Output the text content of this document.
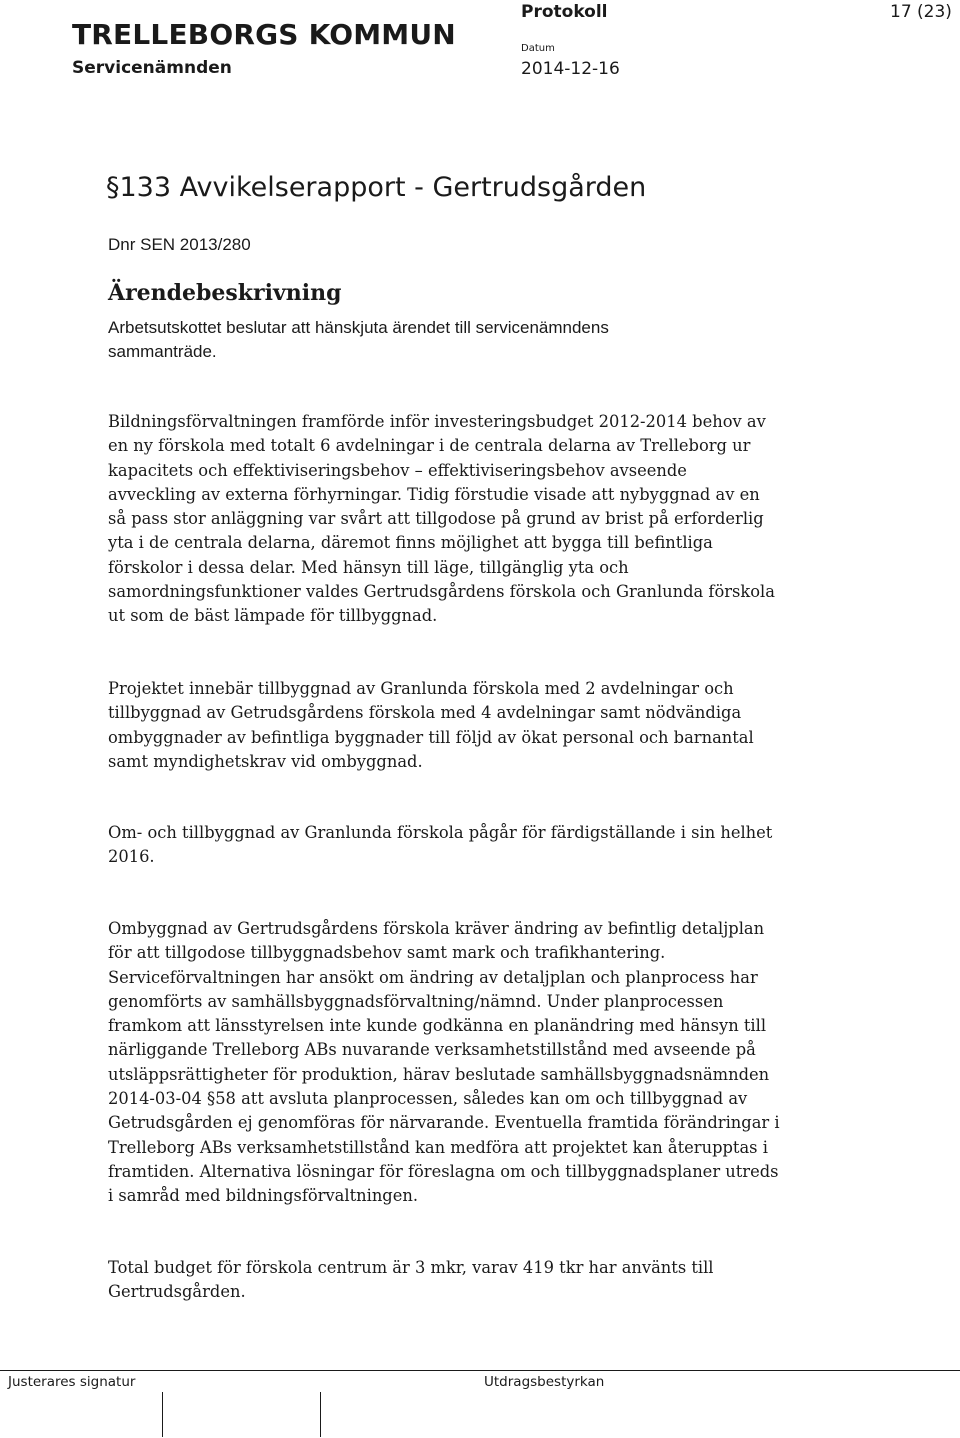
TRELLEBORGS KOMMUN
Servicenämnden
Protokoll
Datum
2014-12-16
17 (23)
§133 Avvikelserapport - Gertrudsgården
Dnr SEN 2013/280
Ärendebeskrivning
Arbetsutskottet beslutar att hänskjuta ärendet till servicenämndens
sammanträde.
Bildningsförvaltningen framförde inför investeringsbudget 2012-2014 behov av
en ny förskola med totalt 6 avdelningar i de centrala delarna av Trelleborg ur
kapacitets och effektiviseringsbehov – effektiviseringsbehov avseende
avveckling av externa förhyrningar. Tidig förstudie visade att nybyggnad av en
så pass stor anläggning var svårt att tillgodose på grund av brist på erforderlig
yta i de centrala delarna, däremot finns möjlighet att bygga till befintliga
förskolor i dessa delar. Med hänsyn till läge, tillgänglig yta och
samordningsfunktioner valdes Gertrudsgårdens förskola och Granlunda förskola
ut som de bäst lämpade för tillbyggnad.
Projektet innebär tillbyggnad av Granlunda förskola med 2 avdelningar och
tillbyggnad av Getrudsgårdens förskola med 4 avdelningar samt nödvändiga
ombyggnader av befintliga byggnader till följd av ökat personal och barnantal
samt myndighetskrav vid ombyggnad.
Om- och tillbyggnad av Granlunda förskola pågår för färdigställande i sin helhet
2016.
Ombyggnad av Gertrudsgårdens förskola kräver ändring av befintlig detaljplan
för att tillgodose tillbyggnadsbehov samt mark och trafikhantering.
Serviceförvaltningen har ansökt om ändring av detaljplan och planprocess har
genomförts av samhällsbyggnadsförvaltning/nämnd. Under planprocessen
framkom att länsstyrelsen inte kunde godkänna en planändring med hänsyn till
närliggande Trelleborg ABs nuvarande verksamhetstillstånd med avseende på
utsläppsrättigheter för produktion, härav beslutade samhällsbyggnadsnämnden
2014-03-04 §58 att avsluta planprocessen, således kan om och tillbyggnad av
Getrudsgården ej genomföras för närvarande. Eventuella framtida förändringar i
Trelleborg ABs verksamhetstillstånd kan medföra att projektet kan återupptas i
framtiden. Alternativa lösningar för föreslagna om och tillbyggnadsplaner utreds
i samråd med bildningsförvaltningen.
Total budget för förskola centrum är 3 mkr, varav 419 tkr har använts till
Gertrudsgården.
Justerares signatur	Utdragsbestyrkan
